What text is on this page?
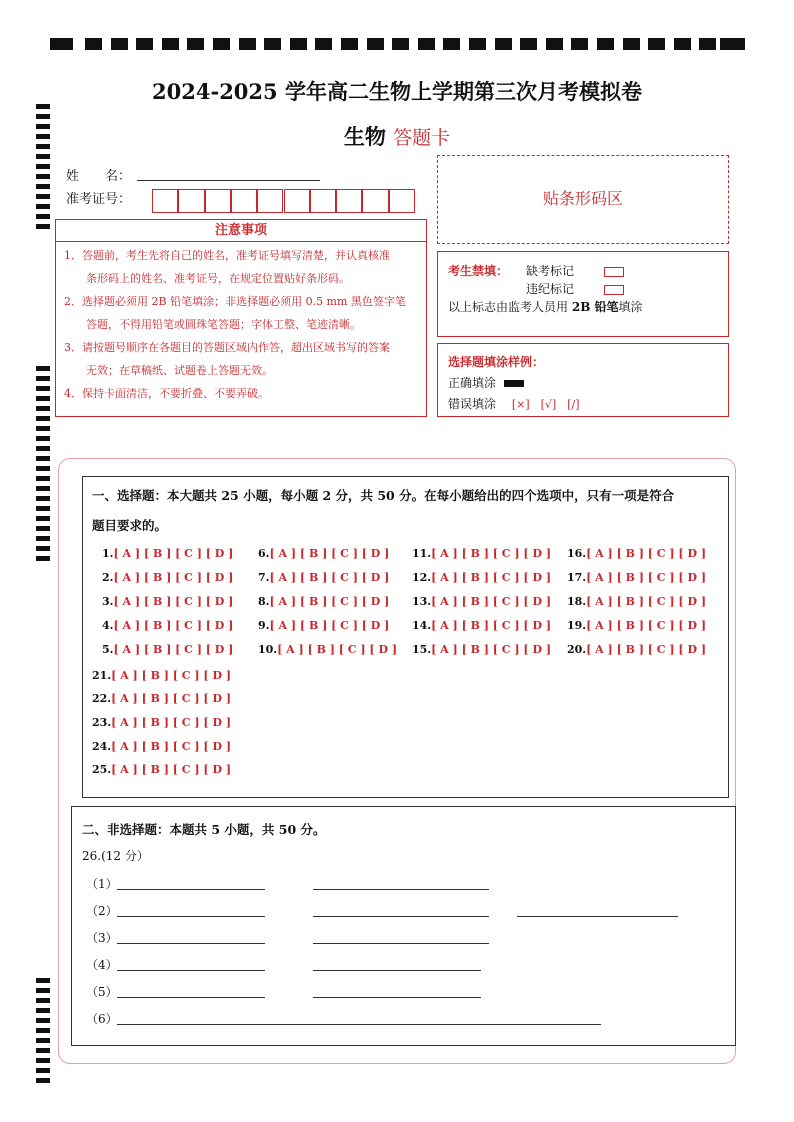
2024-2025 学年高二生物上学期第三次月考模拟卷
生物 答题卡
姓　　名：
准考证号：	贴条形码区
注意事项
1．答题前，考生先将自己的姓名，准考证号填写清楚，并认真核准
　　条形码上的姓名、准考证号，在规定位置贴好条形码。
2．选择题必须用 2B 铅笔填涂；非选择题必须用 0.5 mm 黑色签字笔
　　答题，不得用铅笔或圆珠笔答题；字体工整、笔迹清晰。
3．请按题号顺序在各题目的答题区域内作答，超出区域书写的答案
　　无效；在草稿纸、试题卷上答题无效。
4．保持卡面清洁，不要折叠、不要弄破。
考生禁填： 缺考标记
违纪标记
以上标志由监考人员用 2B 铅笔填涂
选择题填涂样例：
正确填涂
错误填涂 [×]　[√]　[/]
一、选择题：本大题共 25 小题，每小题 2 分，共 50 分。在每小题给出的四个选项中，只有一项是符合
题目要求的。
1.[ A ] [ B ] [ C ] [ D ]
2.[ A ] [ B ] [ C ] [ D ]
3.[ A ] [ B ] [ C ] [ D ]
4.[ A ] [ B ] [ C ] [ D ]
5.[ A ] [ B ] [ C ] [ D ]
6.[ A ] [ B ] [ C ] [ D ]
7.[ A ] [ B ] [ C ] [ D ]
8.[ A ] [ B ] [ C ] [ D ]
9.[ A ] [ B ] [ C ] [ D ]
10.[ A ] [ B ] [ C ] [ D ]
11.[ A ] [ B ] [ C ] [ D ]
12.[ A ] [ B ] [ C ] [ D ]
13.[ A ] [ B ] [ C ] [ D ]
14.[ A ] [ B ] [ C ] [ D ]
15.[ A ] [ B ] [ C ] [ D ]
16.[ A ] [ B ] [ C ] [ D ]
17.[ A ] [ B ] [ C ] [ D ]
18.[ A ] [ B ] [ C ] [ D ]
19.[ A ] [ B ] [ C ] [ D ]
20.[ A ] [ B ] [ C ] [ D ]
21.[ A ] [ B ] [ C ] [ D ]
22.[ A ] [ B ] [ C ] [ D ]
23.[ A ] [ B ] [ C ] [ D ]
24.[ A ] [ B ] [ C ] [ D ]
25.[ A ] [ B ] [ C ] [ D ]
二、非选择题：本题共 5 小题，共 50 分。
26.(12 分）
（1）
（2）
（3）
（4）
（5）
（6）
